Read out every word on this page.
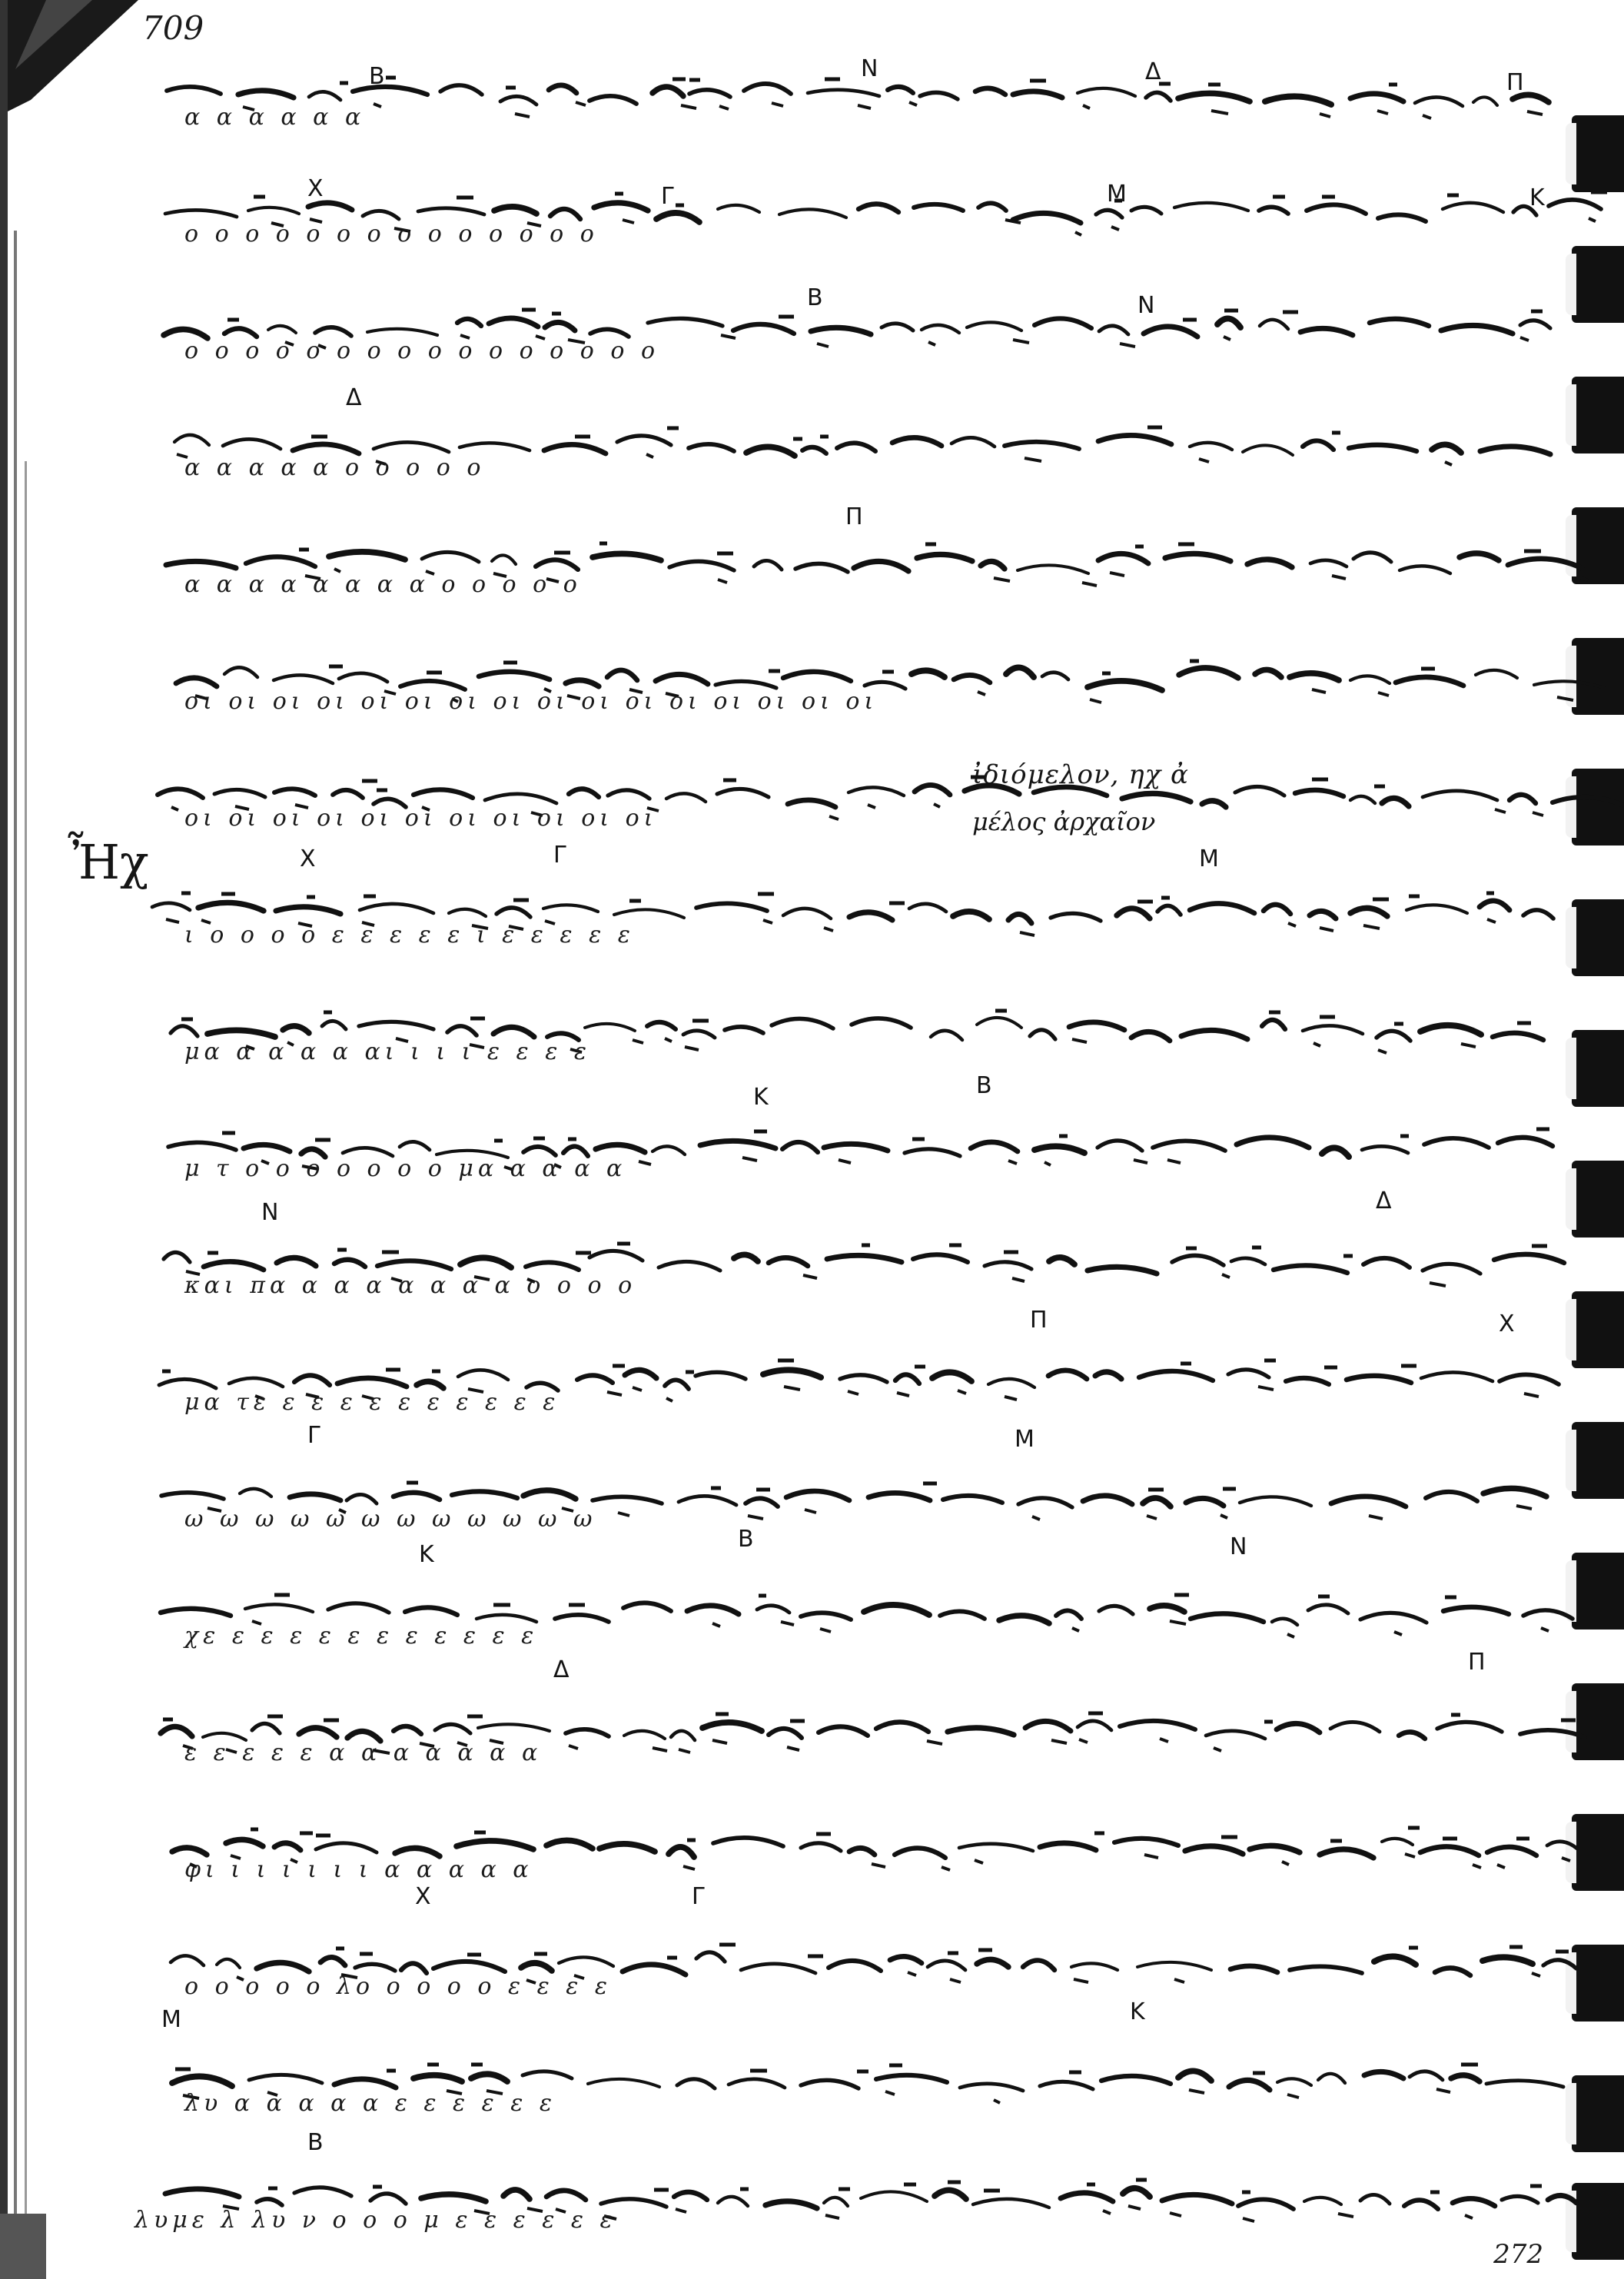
709
272
Ἦχ
ἰδιόμελον, ηχ ἀ
μέλος ἀρχαῖον
α α α α α α
ο ο ο ο ο ο ο ο ο ο ο ο ο ο
ο ο ο ο ο ο ο ο ο ο ο ο ο ο ο ο
α α α α α ο ο ο ο ο
α α α α α α α α ο ο ο ο ο
οι οι οι οι οι οι οι οι οι οι οι οι οι οι οι οι
οι οι οι οι οι οι οι οι οι οι οι
ι ο ο ο ο ε ε ε ε ε ι ε ε ε ε ε
μα α α α α αι ι ι ι ε ε ε ε
μ τ ο ο ο ο ο ο ο μα α α α α
και πα α α α α α α α ο ο ο ο
μα τε ε ε ε ε ε ε ε ε ε ε
ω ω ω ω ω ω ω ω ω ω ω ω
χε ε ε ε ε ε ε ε ε ε ε ε
ε ε ε ε ε α α α α α α α
φι ι ι ι ι ι ι α α α α α
ο ο ο ο ο λο ο ο ο ο ε ε ε ε
λυ α α α α α ε ε ε ε ε ε
λυμε λ λυ ν ο ο ο μ ε ε ε ε ε ε
Β	Ν	Δ	Π
Χ	Γ	Μ	Κ
Β	Ν
Δ
Π
Χ	Γ	Μ
Κ	Β
Ν	Δ
Π	Χ
Γ	Μ
Κ
Β	Ν
Δ	Π
Χ	Γ
Μ	Κ
Β
